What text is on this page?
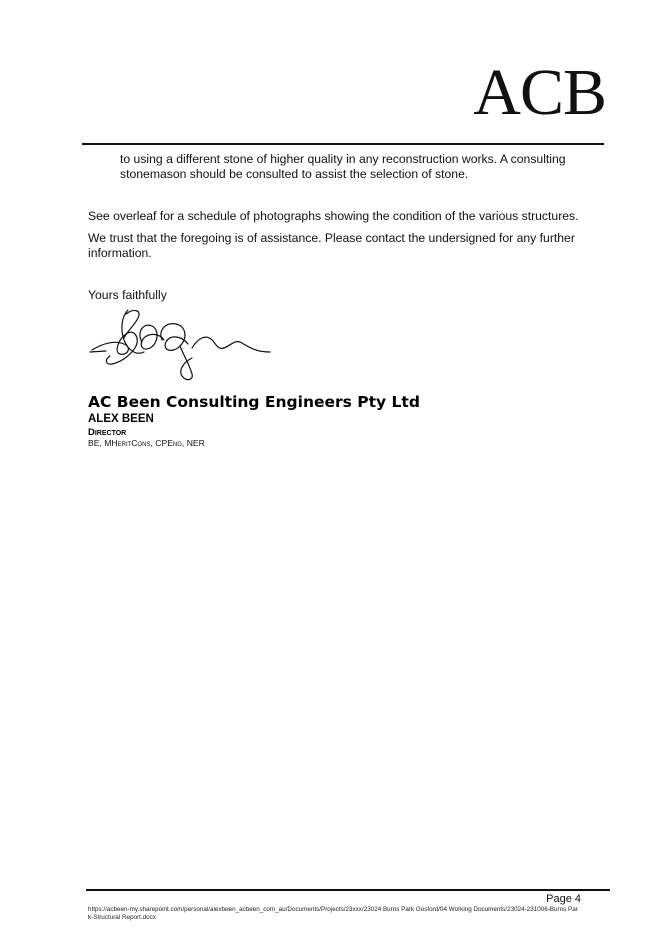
ACB
to using a different stone of higher quality in any reconstruction works. A consulting stonemason should be consulted to assist the selection of stone.
See overleaf for a schedule of photographs showing the condition of the various structures.
We trust that the foregoing is of assistance. Please contact the undersigned for any further information.
Yours faithfully
AC Been Consulting Engineers Pty Ltd
ALEX BEEN
Director
BE, MHeritCons, CPEng, NER
Page 4
https://acbeen-my.sharepoint.com/personal/alexbeen_acbeen_com_au/Documents/Projects/23xxx/23024 Burns Park Gosford/04 Working Documents/23024-231006-Burns Park-Structural Report.docx
